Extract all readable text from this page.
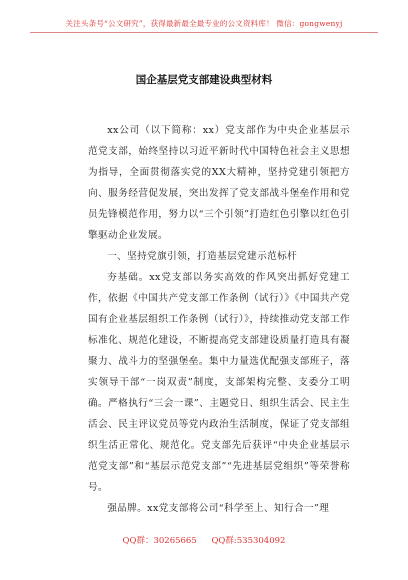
关注头条号“公文研究”，获得最新最全最专业的公文资料库！ 微信：gongwenyj
国企基层党支部建设典型材料

xx公司（以下简称：xx）党支部作为中央企业基层示范党支部，始终坚持以习近平新时代中国特色社会主义思想为指导，全面贯彻落实党的XX大精神，坚持党建引领把方向、服务经营促发展，突出发挥了党支部战斗堡垒作用和党员先锋模范作用，努力以“三个引领”打造红色引擎以红色引擎驱动企业发展。

一、坚持党旗引领，打造基层党建示范标杆

夯基础。xx党支部以务实高效的作风突出抓好党建工作，依据《中国共产党支部工作条例（试行）》《中国共产党国有企业基层组织工作条例（试行）》，持续推动党支部工作标准化、规范化建设，不断提高党支部建设质量打造具有凝聚力、战斗力的坚强堡垒。集中力量选优配强支部班子，落实领导干部“一岗双责”制度，支部架构完整、支委分工明确。严格执行“三会一课”、主题党日、组织生活会、民主生活会、民主评议党员等党内政治生活制度，保证了党支部组织生活正常化、规范化。党支部先后获评“中央企业基层示范党支部”和“基层示范党支部”“先进基层党组织”等荣誉称号。

强品牌。xx党支部将公司“科学至上、知行合一”理

QQ群：30265665 QQ群:535304092
